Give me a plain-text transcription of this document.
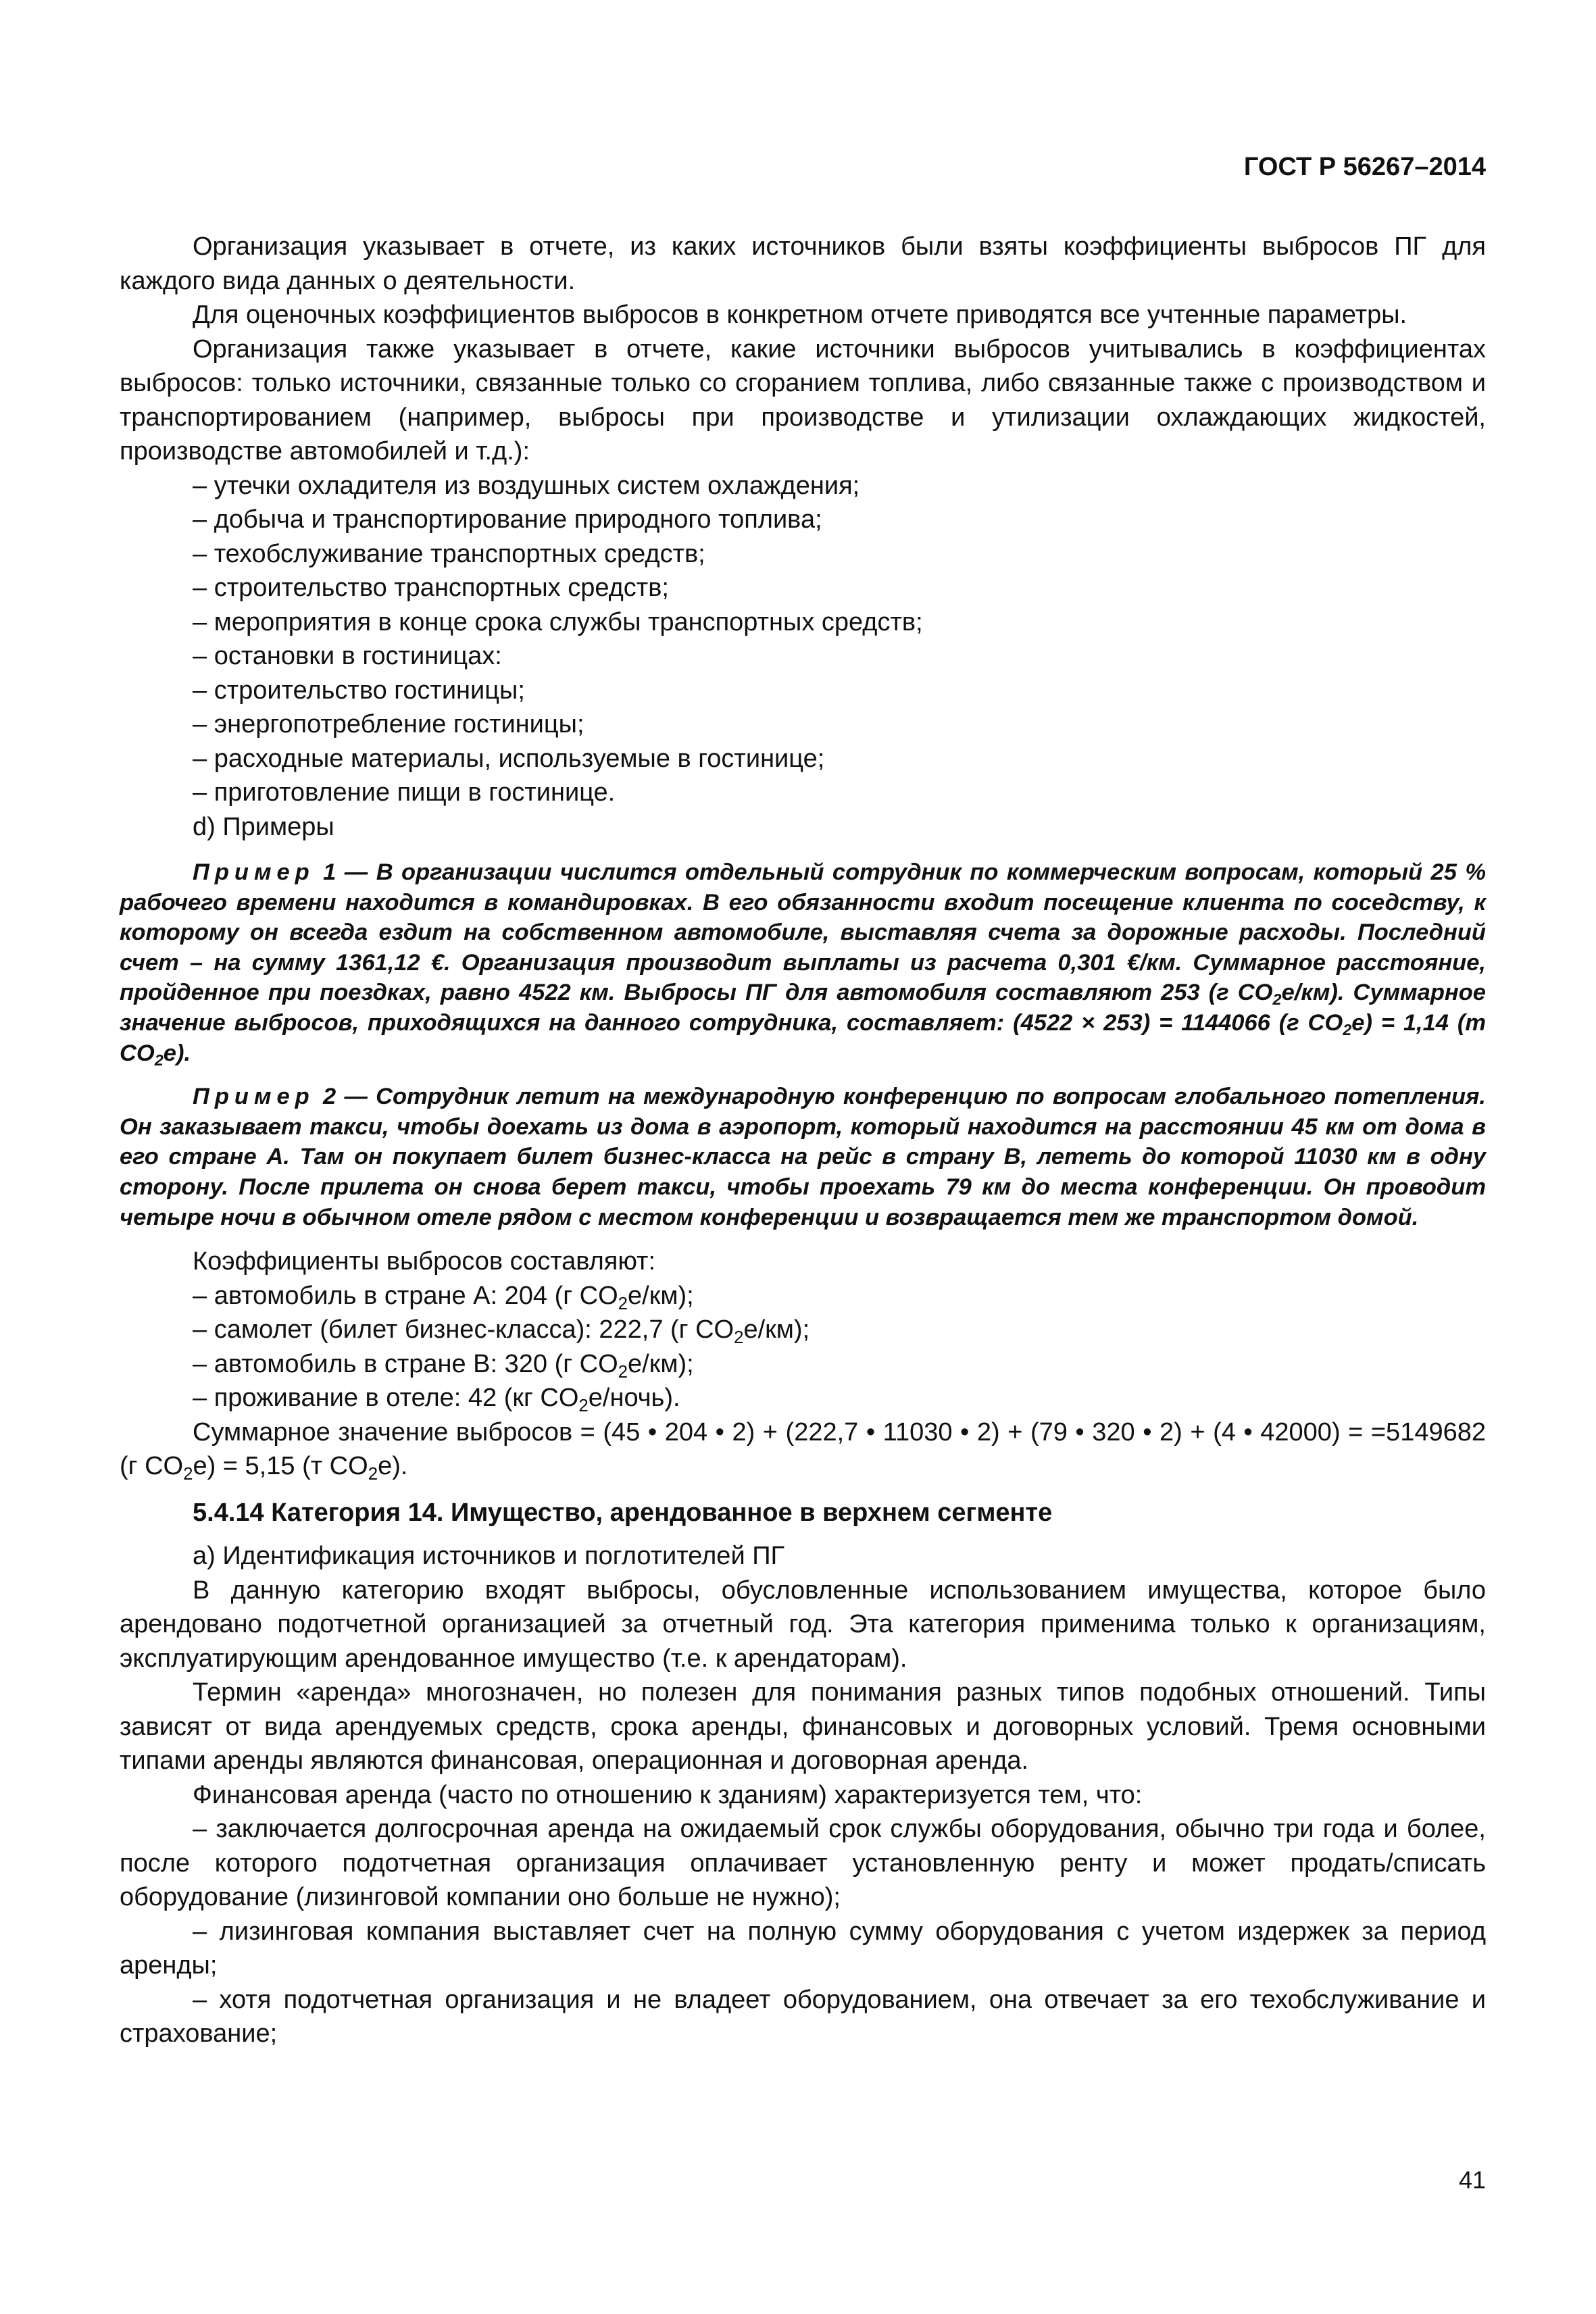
ГОСТ Р 56267–2014

Организация указывает в отчете, из каких источников были взяты коэффициенты выбросов ПГ для каждого вида данных о деятельности.

Для оценочных коэффициентов выбросов в конкретном отчете приводятся все учтенные параметры.

Организация также указывает в отчете, какие источники выбросов учитывались в коэффициентах выбросов: только источники, связанные только со сгоранием топлива, либо связанные также с производством и транспортированием (например, выбросы при производстве и утилизации охлаждающих жидкостей, производстве автомобилей и т.д.):

– утечки охладителя из воздушных систем охлаждения;

– добыча и транспортирование природного топлива;

– техобслуживание транспортных средств;

– строительство транспортных средств;

– мероприятия в конце срока службы транспортных средств;

– остановки в гостиницах:

– строительство гостиницы;

– энергопотребление гостиницы;

– расходные материалы, используемые в гостинице;

– приготовление пищи в гостинице.

d) Примеры

Пример 1 — В организации числится отдельный сотрудник по коммерческим вопросам, который 25 % рабочего времени находится в командировках. В его обязанности входит посещение клиента по соседству, к которому он всегда ездит на собственном автомобиле, выставляя счета за дорожные расходы. Последний счет – на сумму 1361,12 €. Организация производит выплаты из расчета 0,301 €/км. Суммарное расстояние, пройденное при поездках, равно 4522 км. Выбросы ПГ для автомобиля составляют 253 (г $CO_2е/км$). Суммарное значение выбросов, приходящихся на данного сотрудника, составляет: (4522 × 253) = 1144066 (г $CO_2е) = 1,14$ (т $CO_2е$).

Пример 2 — Сотрудник летит на международную конференцию по вопросам глобального потепления. Он заказывает такси, чтобы доехать из дома в аэропорт, который находится на расстоянии 45 км от дома в его стране А. Там он покупает билет бизнес-класса на рейс в страну В, лететь до которой 11030 км в одну сторону. После прилета он снова берет такси, чтобы проехать 79 км до места конференции. Он проводит четыре ночи в обычном отеле рядом с местом конференции и возвращается тем же транспортом домой.

Коэффициенты выбросов составляют:

– автомобиль в стране А: 204 (г $CO_2е/км$);

– самолет (билет бизнес-класса): 222,7 (г $CO_2е/км$);

– автомобиль в стране В: 320 (г $CO_2е/км$);

– проживание в отеле: 42 (кг $CO_2е/ночь$).

Суммарное значение выбросов = (45 • 204 • 2) + (222,7 • 11030 • 2) + (79 • 320 • 2) + (4 • 42000) = =5149682 (г $CO_2е) = 5,15$ (т $CO_2е$).

5.4.14 Категория 14. Имущество, арендованное в верхнем сегменте

a) Идентификация источников и поглотителей ПГ

В данную категорию входят выбросы, обусловленные использованием имущества, которое было арендовано подотчетной организацией за отчетный год. Эта категория применима только к организациям, эксплуатирующим арендованное имущество (т.е. к арендаторам).

Термин «аренда» многозначен, но полезен для понимания разных типов подобных отношений. Типы зависят от вида арендуемых средств, срока аренды, финансовых и договорных условий. Тремя основными типами аренды являются финансовая, операционная и договорная аренда.

Финансовая аренда (часто по отношению к зданиям) характеризуется тем, что:

– заключается долгосрочная аренда на ожидаемый срок службы оборудования, обычно три года и более, после которого подотчетная организация оплачивает установленную ренту и может продать/списать оборудование (лизинговой компании оно больше не нужно);

– лизинговая компания выставляет счет на полную сумму оборудования с учетом издержек за период аренды;

– хотя подотчетная организация и не владеет оборудованием, она отвечает за его техобслуживание и страхование;

41
